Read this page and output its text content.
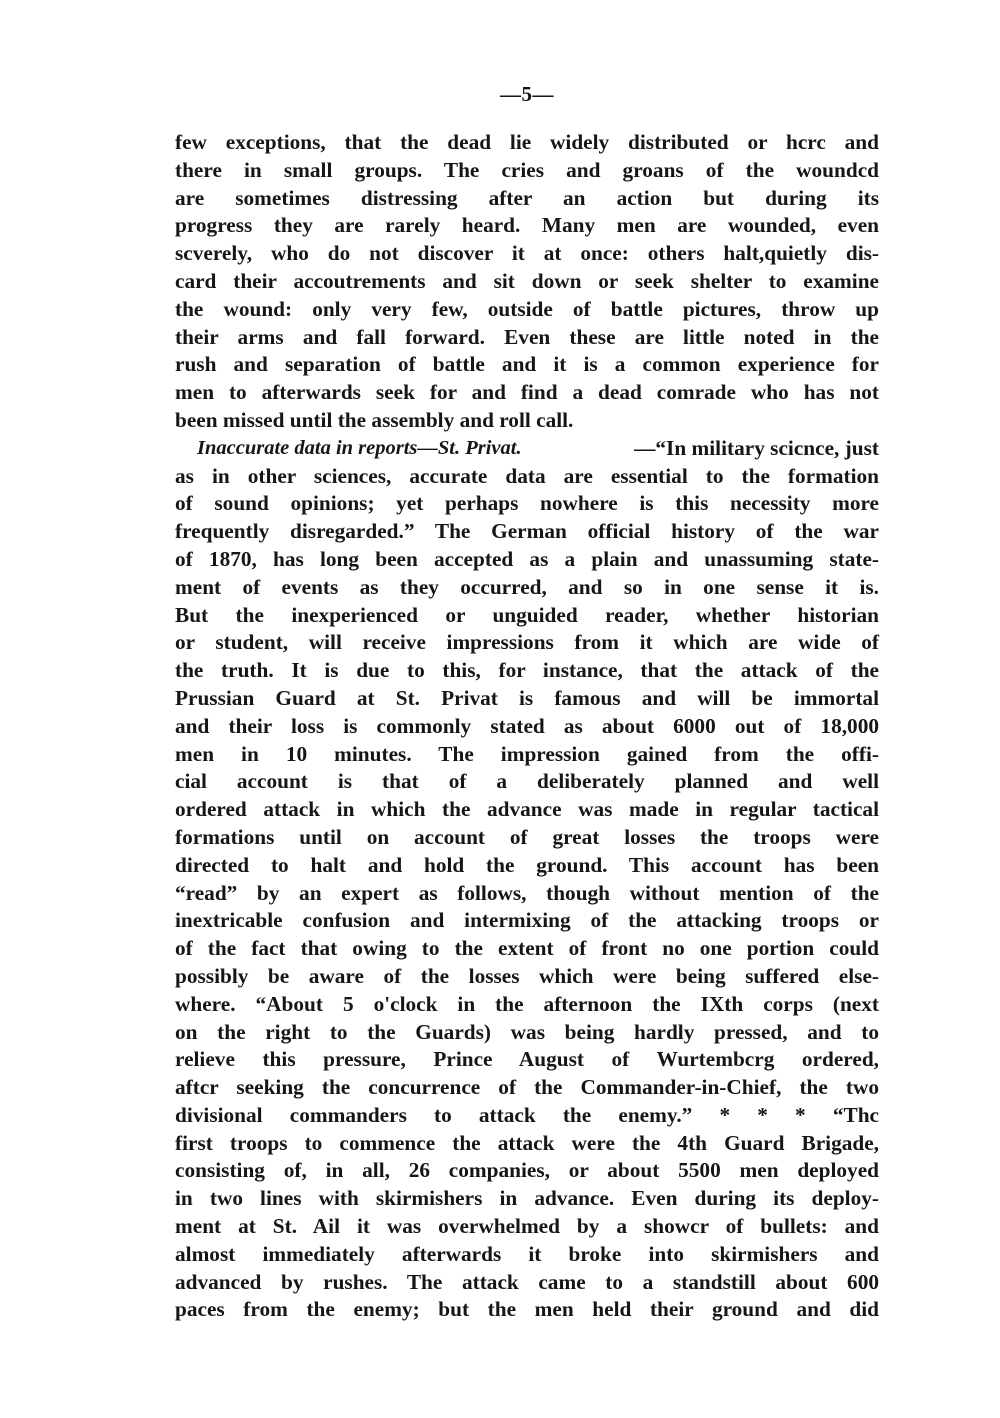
—5—
few exceptions, that the dead lie widely distributed or hcrc and
there in small groups. The cries and groans of the woundcd
are sometimes distressing after an action but during its
progress they are rarely heard. Many men are wounded, even
scverely, who do not discover it at once: others halt,quietly dis-
card their accoutrements and sit down or seek shelter to examine
the wound: only very few, outside of battle pictures, throw up
their arms and fall forward. Even these are little noted in the
rush and separation of battle and it is a common experience for
men to afterwards seek for and find a dead comrade who has not
been missed until the assembly and roll call.
Inaccurate data in reports—St. Privat.	—“In military scicnce, just
as in other sciences, accurate data are essential to the formation
of sound opinions; yet perhaps nowhere is this necessity more
frequently disregarded.” The German official history of the war
of 1870, has long been accepted as a plain and unassuming state-
ment of events as they occurred, and so in one sense it is.
But the inexperienced or unguided reader, whether historian
or student, will receive impressions from it which are wide of
the truth. It is due to this, for instance, that the attack of the
Prussian Guard at St. Privat is famous and will be immortal
and their loss is commonly stated as about 6000 out of 18,000
men in 10 minutes. The impression gained from the offi-
cial account is that of a deliberately planned and well
ordered attack in which the advance was made in regular tactical
formations until on account of great losses the troops were
directed to halt and hold the ground. This account has been
“read” by an expert as follows, though without mention of the
inextricable confusion and intermixing of the attacking troops or
of the fact that owing to the extent of front no one portion could
possibly be aware of the losses which were being suffered else-
where. “About 5 o'clock in the afternoon the IXth corps (next
on the right to the Guards) was being hardly pressed, and to
relieve this pressure, Prince August of Wurtembcrg ordered,
aftcr seeking the concurrence of the Commander-in-Chief, the two
divisional commanders to attack the enemy.” * * * “Thc
first troops to commence the attack were the 4th Guard Brigade,
consisting of, in all, 26 companies, or about 5500 men deployed
in two lines with skirmishers in advance. Even during its deploy-
ment at St. Ail it was overwhelmed by a showcr of bullets: and
almost immediately afterwards it broke into skirmishers and
advanced by rushes. The attack came to a standstill about 600
paces from the enemy; but the men held their ground and did
